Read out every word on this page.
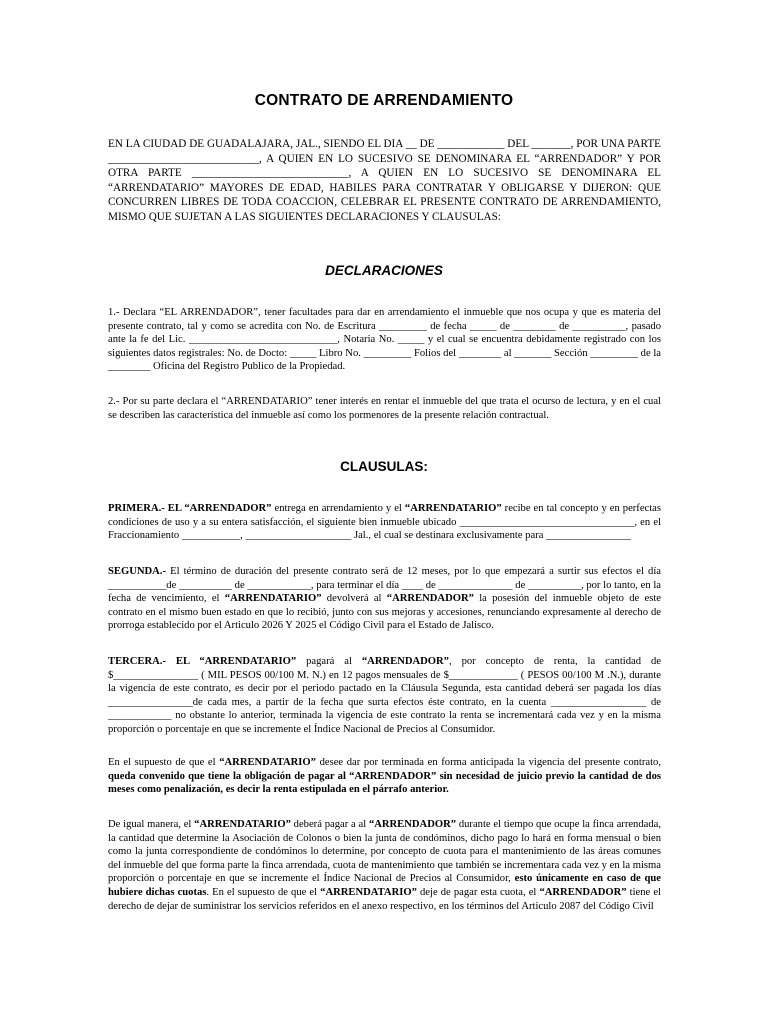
CONTRATO DE ARRENDAMIENTO

EN LA CIUDAD DE GUADALAJARA, JAL., SIENDO EL DIA __ DE ____________ DEL _______, POR UNA PARTE ___________________________, A QUIEN EN LO SUCESIVO SE DENOMINARA EL “ARRENDADOR” Y POR OTRA PARTE ____________________________, A QUIEN EN LO SUCESIVO SE DENOMINARA EL “ARRENDATARIO” MAYORES DE EDAD, HABILES PARA CONTRATAR Y OBLIGARSE Y DIJERON: QUE CONCURREN LIBRES DE TODA COACCION, CELEBRAR EL PRESENTE CONTRATO DE ARRENDAMIENTO, MISMO QUE SUJETAN A LAS SIGUIENTES DECLARACIONES Y CLAUSULAS:

DECLARACIONES

1.- Declara “EL ARRENDADOR”, tener facultades para dar en arrendamiento el inmueble que nos ocupa y que es materia del presente contrato, tal y como se acredita con No. de Escritura _________ de fecha _____ de ________ de __________, pasado ante la fe del Lic. ____________________________, Notaria No. _____ y el cual se encuentra debidamente registrado con los siguientes datos registrales: No. de Docto: _____ Libro No. _________ Folios del ________ al _______ Sección _________ de la ________ Oficina del Registro Publico de la Propiedad.

2.- Por su parte declara el “ARRENDATARIO” tener interés en rentar el inmueble del que trata el ocurso de lectura, y en el cual se describen las característica del inmueble así como los pormenores de la presente relación contractual.

CLAUSULAS:

PRIMERA.- EL “ARRENDADOR” entrega en arrendamiento y el “ARRENDATARIO” recibe en tal concepto y en perfectas condiciones de uso y a su entera satisfacción, el siguiente bien inmueble ubicado _________________________________, en el Fraccionamiento ___________, ____________________ Jal., el cual se destinara exclusivamente para ________________

SEGUNDA.- El término de duración del presente contrato será de 12 meses, por lo que empezará a surtir sus efectos el día ___________de __________ de ____________, para terminar el día ____ de ______________ de __________, por lo tanto, en la fecha de vencimiento, el “ARRENDATARIO” devolverá al “ARRENDADOR” la posesión del inmueble objeto de este contrato en el mismo buen estado en que lo recibió, junto con sus mejoras y accesiones, renunciando expresamente al derecho de prorroga establecido por el Articulo 2026 Y 2025 el Código Civil para el Estado de Jalisco.

TERCERA.- EL “ARRENDATARIO” pagará al “ARRENDADOR”, por concepto de renta, la cantidad de $________________ ( MIL PESOS 00/100 M. N.) en 12 pagos mensuales de $_____________ ( PESOS 00/100 M .N.), durante la vigencia de este contrato, es decir por el periodo pactado en la Cláusula Segunda, esta cantidad deberá ser pagada los días ________________de cada mes, a partir de la fecha que surta efectos éste contrato, en la cuenta __________________ de ____________ no obstante lo anterior, terminada la vigencia de este contrato la renta se incrementará cada vez y en la misma proporción o porcentaje en que se incremente el Índice Nacional de Precios al Consumidor.

En el supuesto de que el “ARRENDATARIO” desee dar por terminada en forma anticipada la vigencia del presente contrato, queda convenido que tiene la obligación de pagar al “ARRENDADOR” sin necesidad de juicio previo la cantidad de dos meses como penalización, es decir la renta estipulada en el párrafo anterior.

De igual manera, el “ARRENDATARIO” deberá pagar a al “ARRENDADOR” durante el tiempo que ocupe la finca arrendada, la cantidad que determine la Asociación de Colonos o bien la junta de condóminos, dicho pago lo hará en forma mensual o bien como la junta correspondiente de condóminos lo determine, por concepto de cuota para el mantenimiento de las áreas comunes del inmueble del que forma parte la finca arrendada, cuota de mantenimiento que también se incrementara cada vez y en la misma proporción o porcentaje en que se incremente el Índice Nacional de Precios al Consumidor, esto únicamente en caso de que hubiere dichas cuotas. En el supuesto de que el “ARRENDATARIO” deje de pagar esta cuota, el “ARRENDADOR” tiene el derecho de dejar de suministrar los servicios referidos en el anexo respectivo, en los términos del Articulo 2087 del Código Civil
